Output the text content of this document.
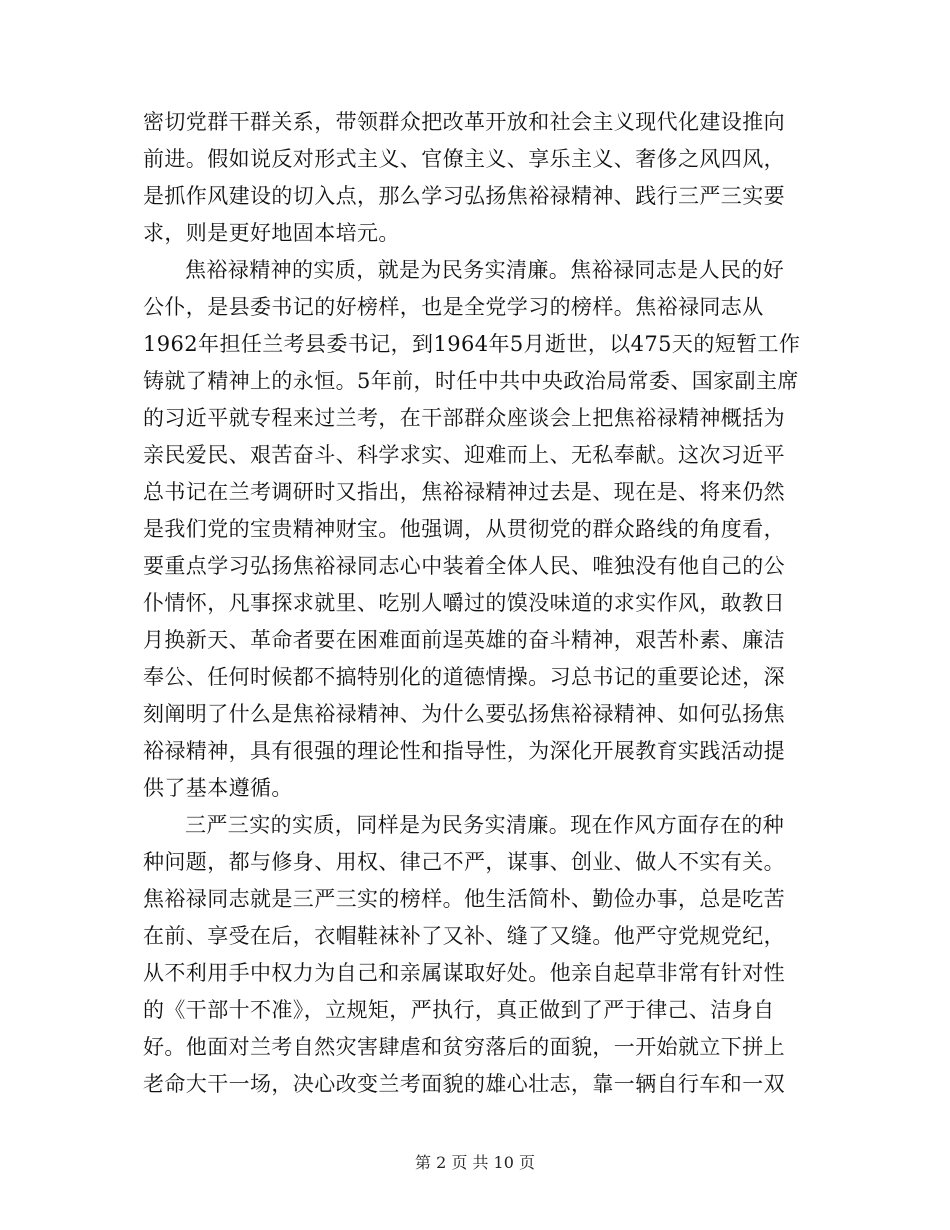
密切党群干群关系，带领群众把改革开放和社会主义现代化建设推向
前进。假如说反对形式主义、官僚主义、享乐主义、奢侈之风四风，
是抓作风建设的切入点，那么学习弘扬焦裕禄精神、践行三严三实要
求，则是更好地固本培元。
焦裕禄精神的实质，就是为民务实清廉。焦裕禄同志是人民的好
公仆，是县委书记的好榜样，也是全党学习的榜样。焦裕禄同志从
1962年担任兰考县委书记，到1964年5月逝世，以475天的短暂工作
铸就了精神上的永恒。5年前，时任中共中央政治局常委、国家副主席
的习近平就专程来过兰考，在干部群众座谈会上把焦裕禄精神概括为
亲民爱民、艰苦奋斗、科学求实、迎难而上、无私奉献。这次习近平
总书记在兰考调研时又指出，焦裕禄精神过去是、现在是、将来仍然
是我们党的宝贵精神财宝。他强调，从贯彻党的群众路线的角度看，
要重点学习弘扬焦裕禄同志心中装着全体人民、唯独没有他自己的公
仆情怀，凡事探求就里、吃别人嚼过的馍没味道的求实作风，敢教日
月换新天、革命者要在困难面前逞英雄的奋斗精神，艰苦朴素、廉洁
奉公、任何时候都不搞特别化的道德情操。习总书记的重要论述，深
刻阐明了什么是焦裕禄精神、为什么要弘扬焦裕禄精神、如何弘扬焦
裕禄精神，具有很强的理论性和指导性，为深化开展教育实践活动提
供了基本遵循。
三严三实的实质，同样是为民务实清廉。现在作风方面存在的种
种问题，都与修身、用权、律己不严，谋事、创业、做人不实有关。
焦裕禄同志就是三严三实的榜样。他生活简朴、勤俭办事，总是吃苦
在前、享受在后，衣帽鞋袜补了又补、缝了又缝。他严守党规党纪，
从不利用手中权力为自己和亲属谋取好处。他亲自起草非常有针对性
的《干部十不准》，立规矩，严执行，真正做到了严于律己、洁身自
好。他面对兰考自然灾害肆虐和贫穷落后的面貌，一开始就立下拼上
老命大干一场，决心改变兰考面貌的雄心壮志，靠一辆自行车和一双
第 2 页 共 10 页
